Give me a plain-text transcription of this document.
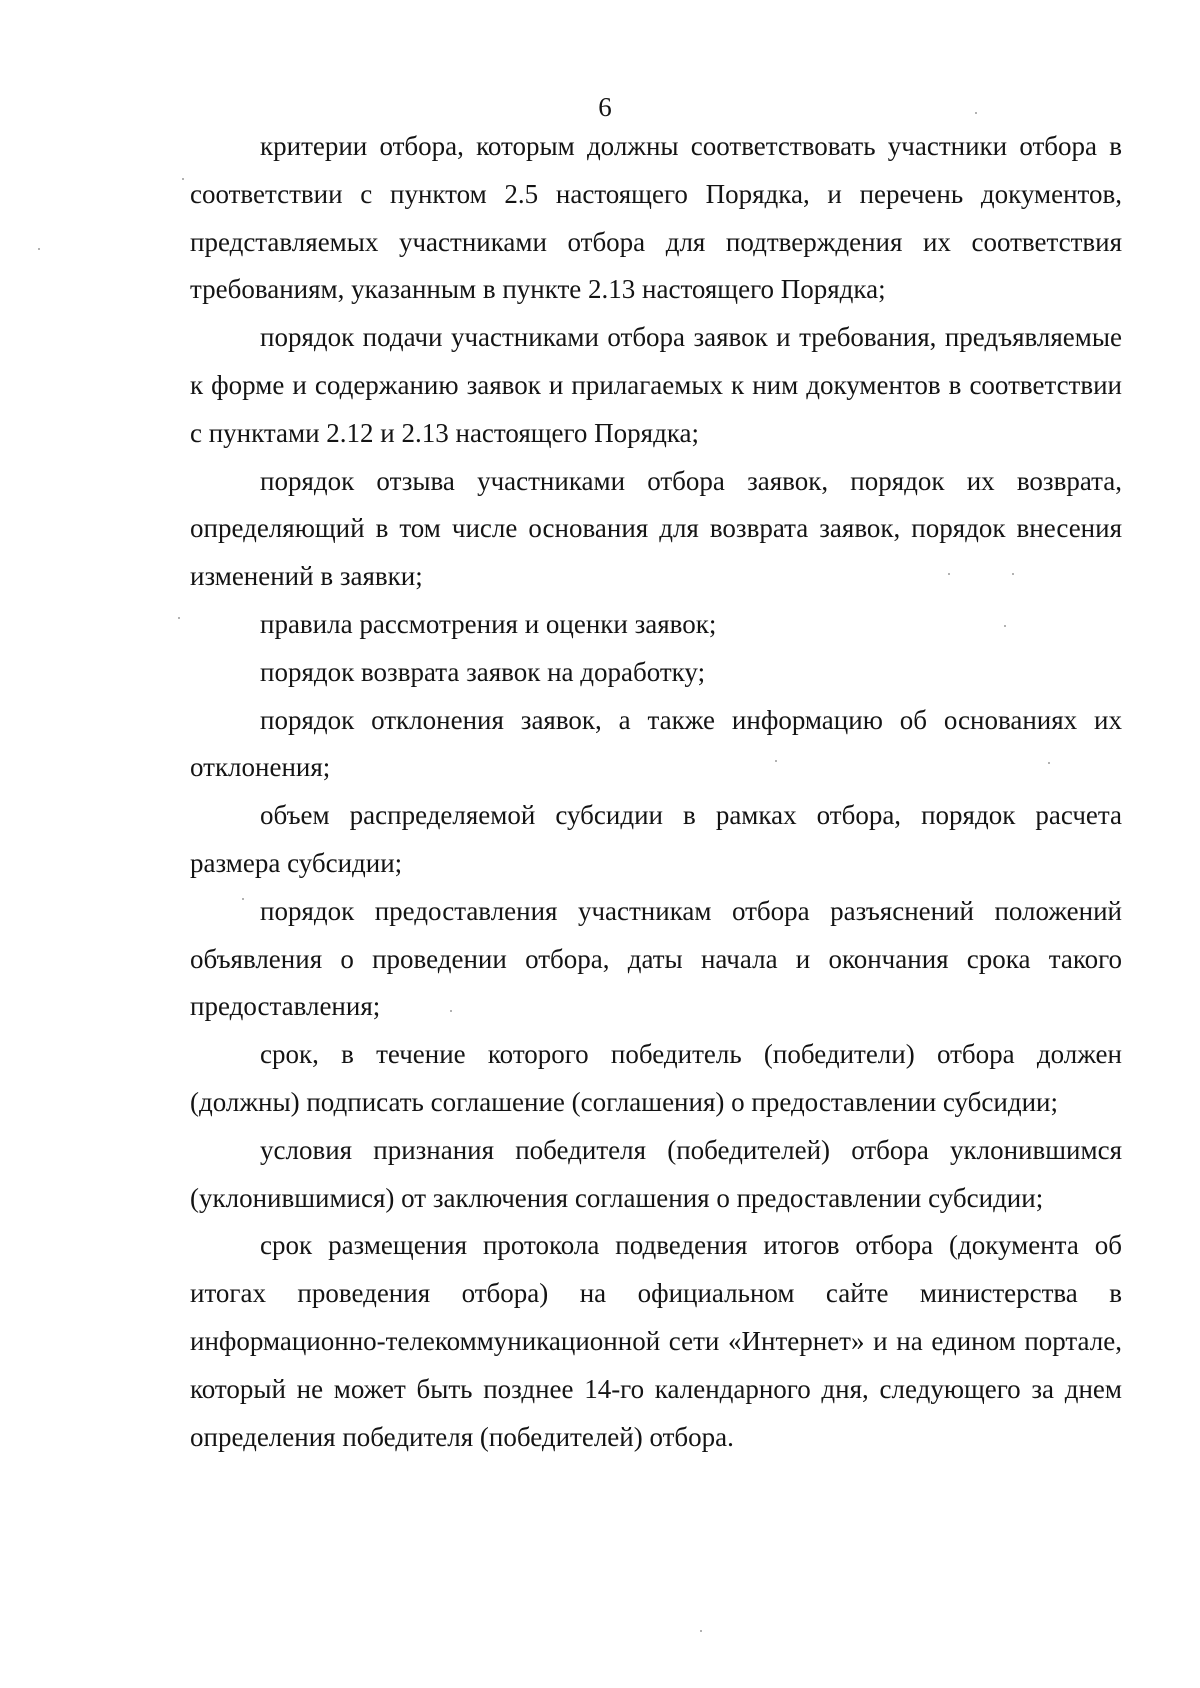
6

критерии отбора, которым должны соответствовать участники отбора в соответствии с пунктом 2.5 настоящего Порядка, и перечень документов, представляемых участниками отбора для подтверждения их соответствия требованиям, указанным в пункте 2.13 настоящего Порядка;

порядок подачи участниками отбора заявок и требования, предъявляемые к форме и содержанию заявок и прилагаемых к ним документов в соответствии с пунктами 2.12 и 2.13 настоящего Порядка;

порядок отзыва участниками отбора заявок, порядок их возврата, определяющий в том числе основания для возврата заявок, порядок внесения изменений в заявки;

правила рассмотрения и оценки заявок;

порядок возврата заявок на доработку;

порядок отклонения заявок, а также информацию об основаниях их отклонения;

объем распределяемой субсидии в рамках отбора, порядок расчета размера субсидии;

порядок предоставления участникам отбора разъяснений положений объявления о проведении отбора, даты начала и окончания срока такого предоставления;

срок, в течение которого победитель (победители) отбора должен (должны) подписать соглашение (соглашения) о предоставлении субсидии;

условия признания победителя (победителей) отбора уклонившимся (уклонившимися) от заключения соглашения о предоставлении субсидии;

срок размещения протокола подведения итогов отбора (документа об итогах проведения отбора) на официальном сайте министерства в информационно-телекоммуникационной сети «Интернет» и на едином портале, который не может быть позднее 14-го календарного дня, следующего за днем определения победителя (победителей) отбора.
